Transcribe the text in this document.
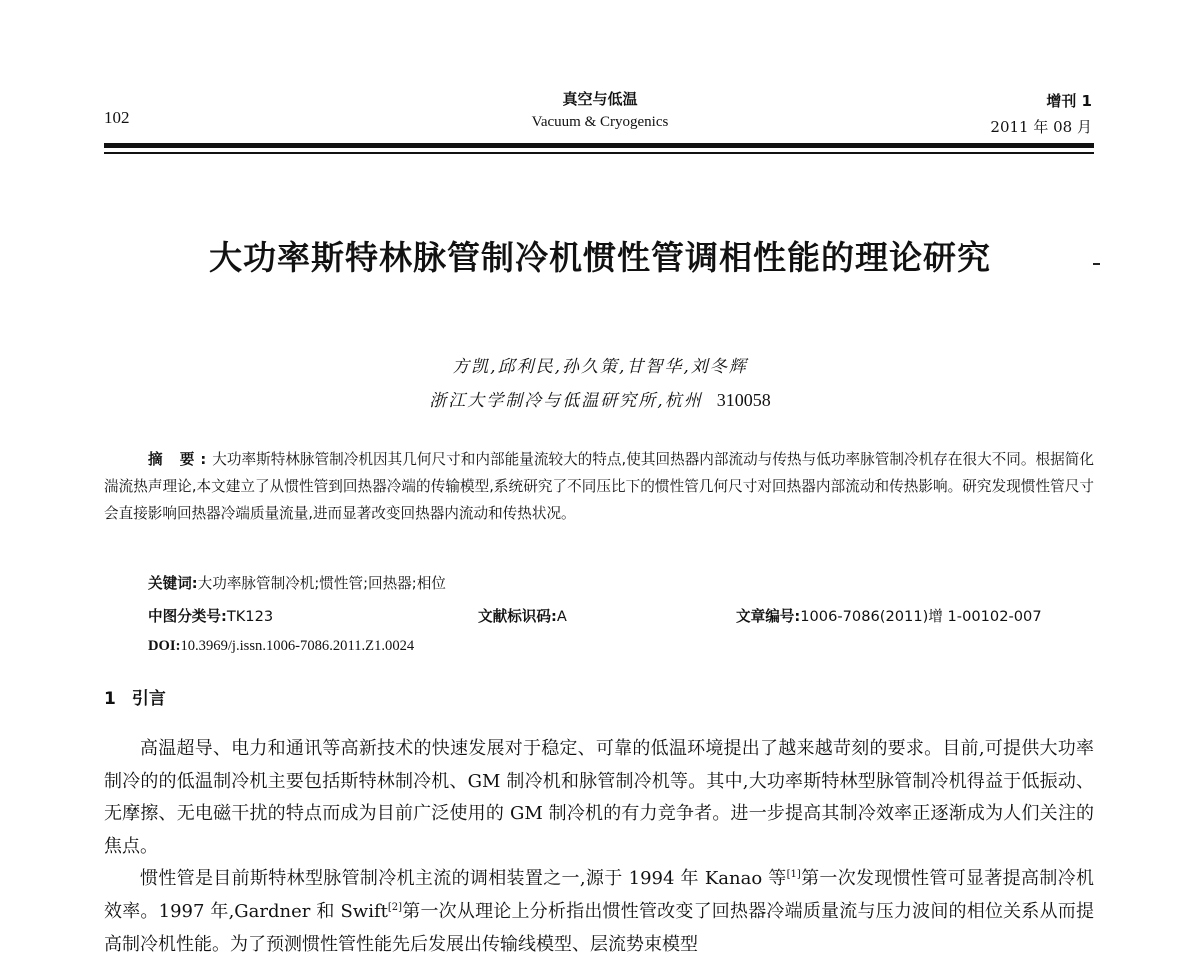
102
真空与低温
Vacuum & Cryogenics
增刊 1
2011 年 08 月
大功率斯特林脉管制冷机惯性管调相性能的理论研究
方凯,邱利民,孙久策,甘智华,刘冬辉
浙江大学制冷与低温研究所,杭州 310058
摘 要:大功率斯特林脉管制冷机因其几何尺寸和内部能量流较大的特点,使其回热器内部流动与传热与低功率脉管制冷机存在很大不同。根据简化湍流热声理论,本文建立了从惯性管到回热器冷端的传输模型,系统研究了不同压比下的惯性管几何尺寸对回热器内部流动和传热影响。研究发现惯性管尺寸会直接影响回热器冷端质量流量,进而显著改变回热器内流动和传热状况。
关键词:大功率脉管制冷机;惯性管;回热器;相位
中图分类号:TK123	文献标识码:A	文章编号:1006-7086(2011)增 1-00102-007
DOI:10.3969/j.issn.1006-7086.2011.Z1.0024
1 引言

高温超导、电力和通讯等高新技术的快速发展对于稳定、可靠的低温环境提出了越来越苛刻的要求。目前,可提供大功率制冷的的低温制冷机主要包括斯特林制冷机、GM 制冷机和脉管制冷机等。其中,大功率斯特林型脉管制冷机得益于低振动、无摩擦、无电磁干扰的特点而成为目前广泛使用的 GM 制冷机的有力竞争者。进一步提高其制冷效率正逐渐成为人们关注的焦点。

惯性管是目前斯特林型脉管制冷机主流的调相装置之一,源于 1994 年 Kanao 等[1]第一次发现惯性管可显著提高制冷机效率。1997 年,Gardner 和 Swift[2]第一次从理论上分析指出惯性管改变了回热器冷端质量流与压力波间的相位关系从而提高制冷机性能。为了预测惯性管性能先后发展出传输线模型、层流势束模型
